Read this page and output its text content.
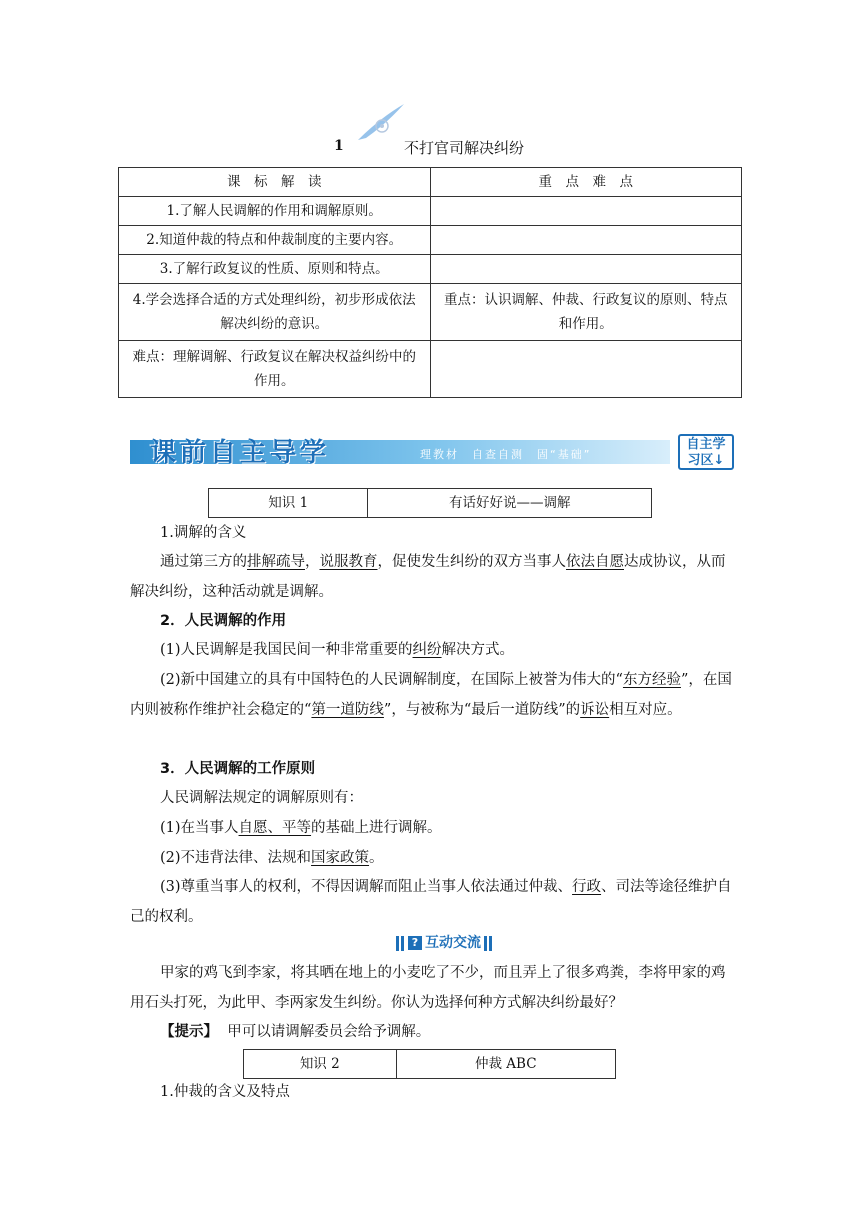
1	不打官司解决纠纷
课　标　解　读	重　点　难　点
1.了解人民调解的作用和调解原则。	
2.知道仲裁的特点和仲裁制度的主要内容。	
3.了解行政复议的性质、原则和特点。	
4.学会选择合适的方式处理纠纷，初步形成依法解决纠纷的意识。	重点：认识调解、仲裁、行政复议的原则、特点和作用。
难点：理解调解、行政复议在解决权益纠纷中的作用。	
课前自主导学	理教材　自查自测　固“基础”
自主学
习区↓
知识 1	有话好好说——调解
1.调解的含义
通过第三方的排解疏导，说服教育，促使发生纠纷的双方当事人依法自愿达成协议，从而解决纠纷，这种活动就是调解。
2．人民调解的作用
(1)人民调解是我国民间一种非常重要的纠纷解决方式。
(2)新中国建立的具有中国特色的人民调解制度，在国际上被誉为伟大的“东方经验”，在国内则被称作维护社会稳定的“第一道防线”，与被称为“最后一道防线”的诉讼相互对应。
3．人民调解的工作原则
人民调解法规定的调解原则有：
(1)在当事人自愿、平等的基础上进行调解。
(2)不违背法律、法规和国家政策。
(3)尊重当事人的权利，不得因调解而阻止当事人依法通过仲裁、行政、司法等途径维护自己的权利。
? 互动交流
甲家的鸡飞到李家，将其晒在地上的小麦吃了不少，而且弄上了很多鸡粪，李将甲家的鸡用石头打死，为此甲、李两家发生纠纷。你认为选择何种方式解决纠纷最好？
【提示】 甲可以请调解委员会给予调解。
知识 2	仲裁 ABC
1.仲裁的含义及特点
